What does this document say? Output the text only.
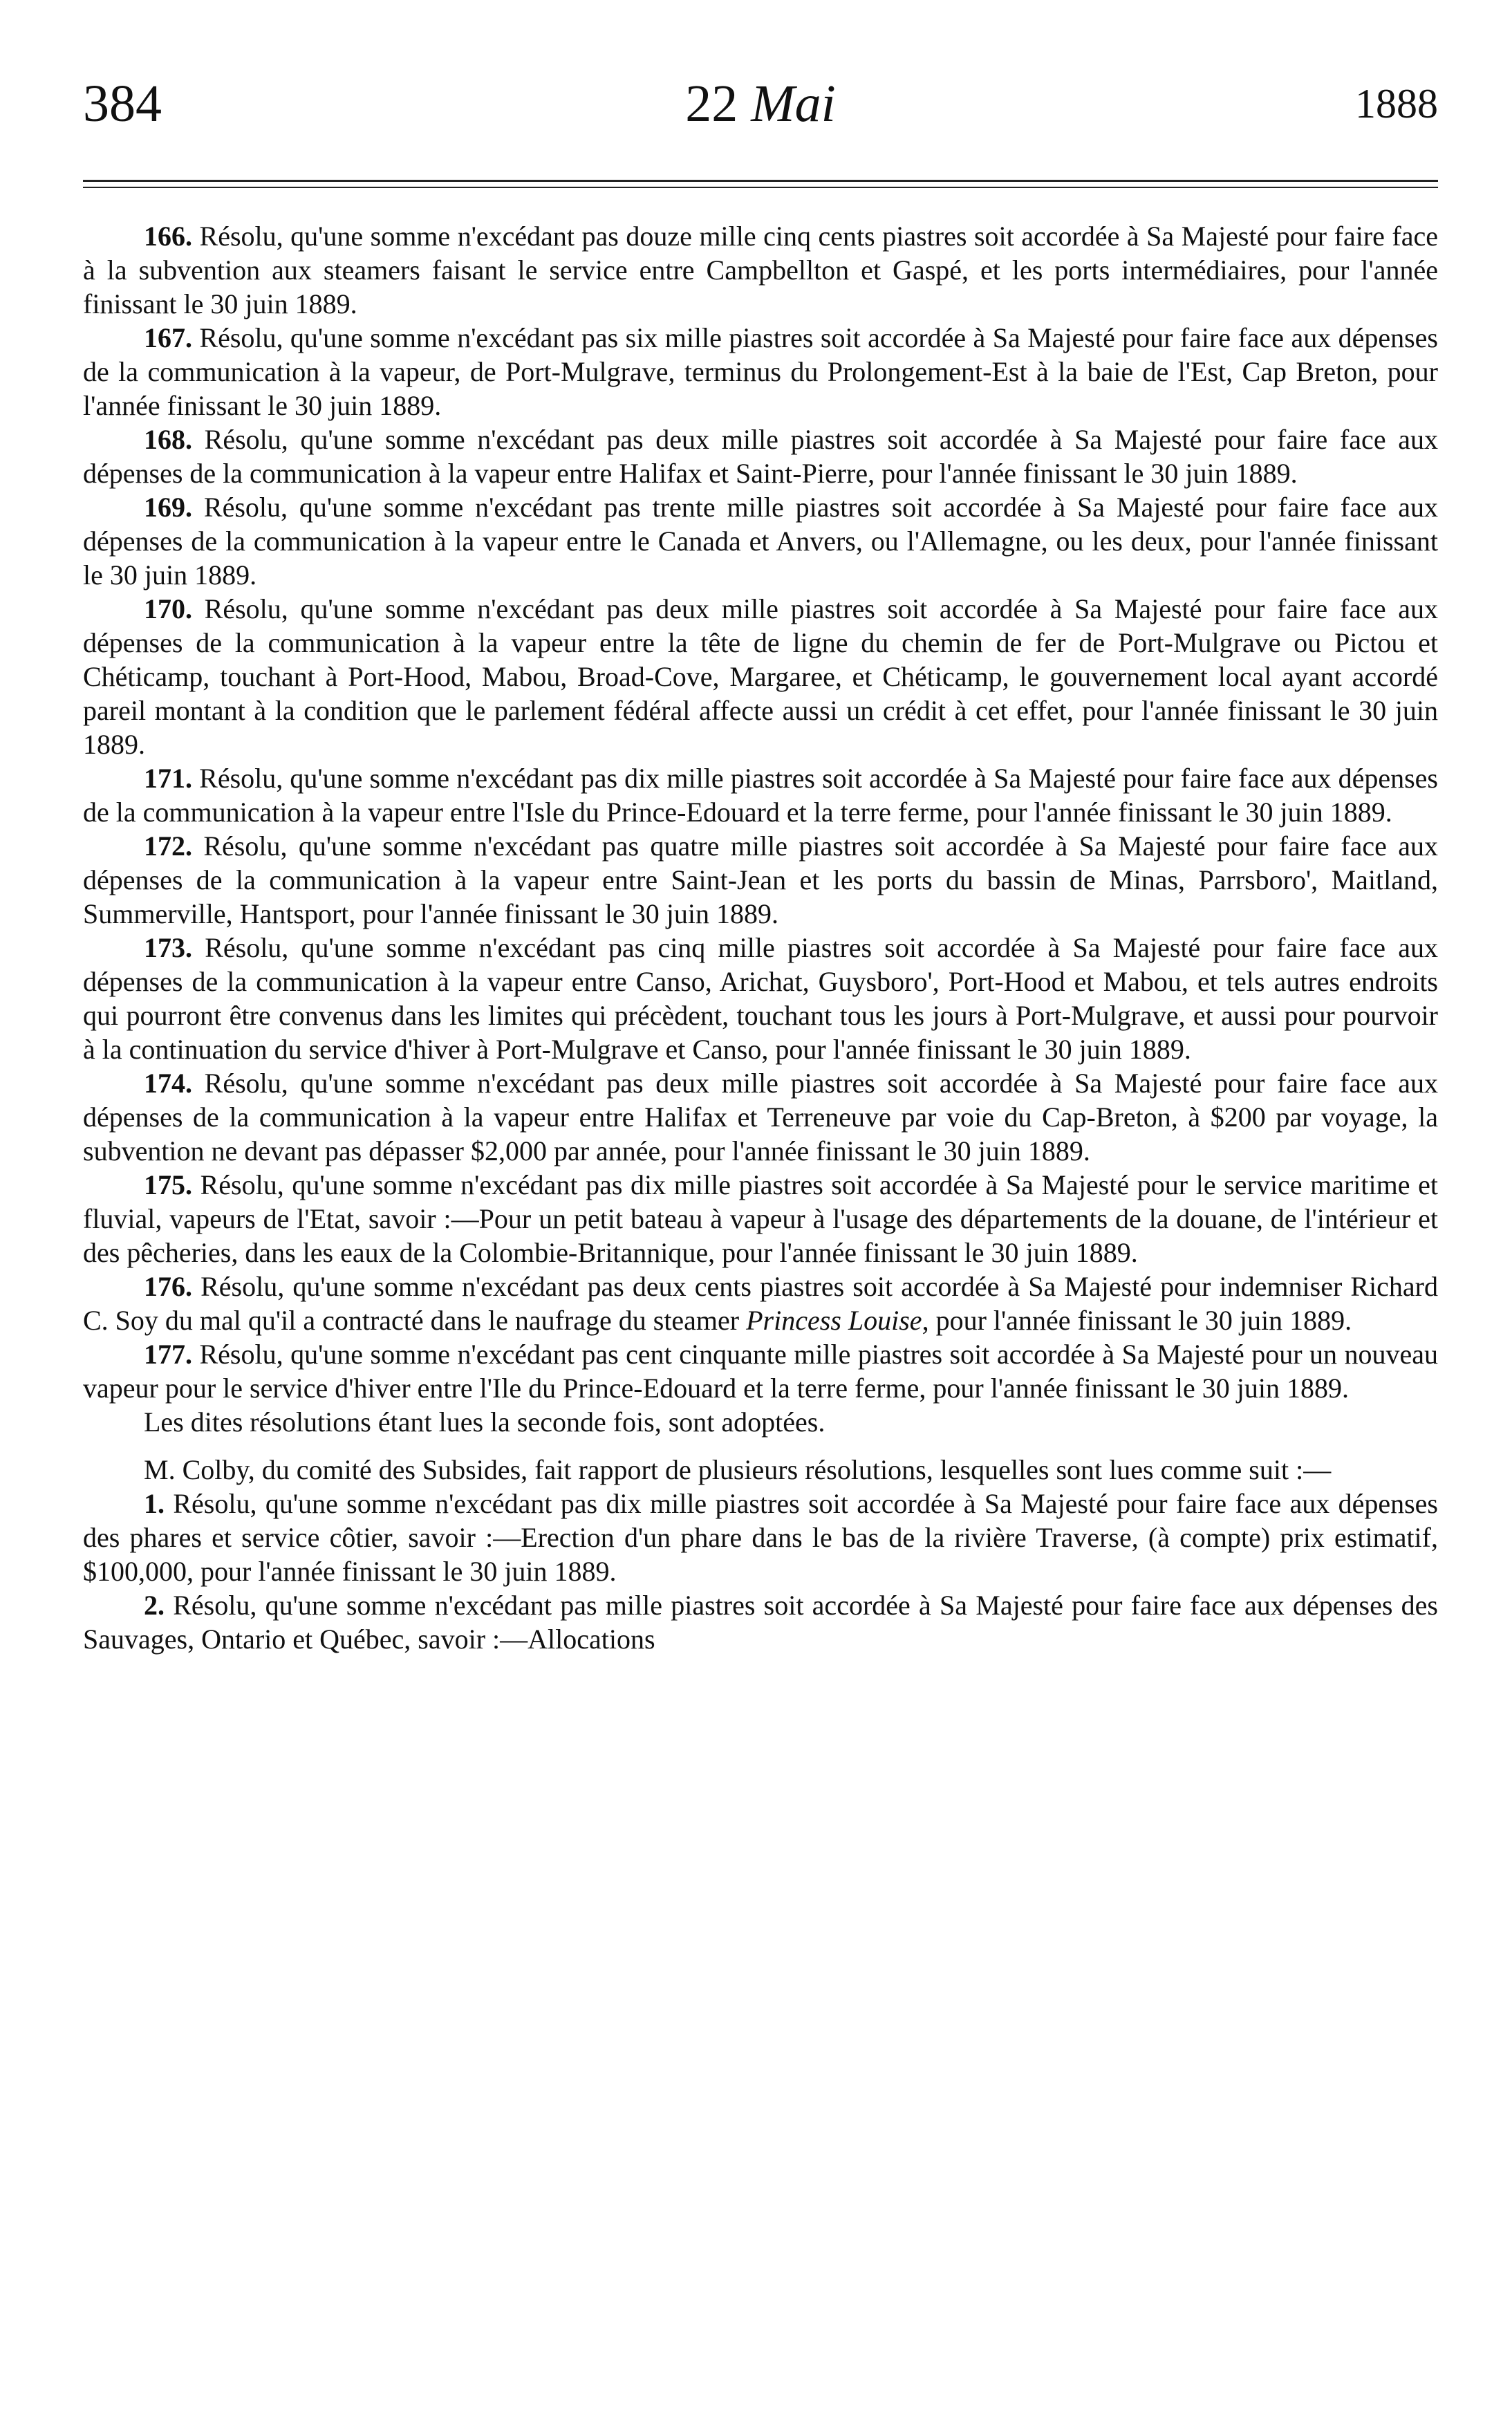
384	22 Mai	1888

166. Résolu, qu'une somme n'excédant pas douze mille cinq cents piastres soit accordée à Sa Majesté pour faire face à la subvention aux steamers faisant le service entre Campbellton et Gaspé, et les ports intermédiaires, pour l'année finissant le 30 juin 1889.

167. Résolu, qu'une somme n'excédant pas six mille piastres soit accordée à Sa Majesté pour faire face aux dépenses de la communication à la vapeur, de Port-Mulgrave, terminus du Prolongement-Est à la baie de l'Est, Cap Breton, pour l'année finissant le 30 juin 1889.

168. Résolu, qu'une somme n'excédant pas deux mille piastres soit accordée à Sa Majesté pour faire face aux dépenses de la communication à la vapeur entre Halifax et Saint-Pierre, pour l'année finissant le 30 juin 1889.

169. Résolu, qu'une somme n'excédant pas trente mille piastres soit accordée à Sa Majesté pour faire face aux dépenses de la communication à la vapeur entre le Canada et Anvers, ou l'Allemagne, ou les deux, pour l'année finissant le 30 juin 1889.

170. Résolu, qu'une somme n'excédant pas deux mille piastres soit accordée à Sa Majesté pour faire face aux dépenses de la communication à la vapeur entre la tête de ligne du chemin de fer de Port-Mulgrave ou Pictou et Chéticamp, touchant à Port-Hood, Mabou, Broad-Cove, Margaree, et Chéticamp, le gouvernement local ayant accordé pareil montant à la condition que le parlement fédéral affecte aussi un crédit à cet effet, pour l'année finissant le 30 juin 1889.

171. Résolu, qu'une somme n'excédant pas dix mille piastres soit accordée à Sa Majesté pour faire face aux dépenses de la communication à la vapeur entre l'Isle du Prince-Edouard et la terre ferme, pour l'année finissant le 30 juin 1889.

172. Résolu, qu'une somme n'excédant pas quatre mille piastres soit accordée à Sa Majesté pour faire face aux dépenses de la communication à la vapeur entre Saint-Jean et les ports du bassin de Minas, Parrsboro', Maitland, Summerville, Hantsport, pour l'année finissant le 30 juin 1889.

173. Résolu, qu'une somme n'excédant pas cinq mille piastres soit accordée à Sa Majesté pour faire face aux dépenses de la communication à la vapeur entre Canso, Arichat, Guysboro', Port-Hood et Mabou, et tels autres endroits qui pourront être convenus dans les limites qui précèdent, touchant tous les jours à Port-Mulgrave, et aussi pour pourvoir à la continuation du service d'hiver à Port-Mulgrave et Canso, pour l'année finissant le 30 juin 1889.

174. Résolu, qu'une somme n'excédant pas deux mille piastres soit accordée à Sa Majesté pour faire face aux dépenses de la communication à la vapeur entre Halifax et Terreneuve par voie du Cap-Breton, à $200 par voyage, la subvention ne devant pas dépasser $2,000 par année, pour l'année finissant le 30 juin 1889.

175. Résolu, qu'une somme n'excédant pas dix mille piastres soit accordée à Sa Majesté pour le service maritime et fluvial, vapeurs de l'Etat, savoir :—Pour un petit bateau à vapeur à l'usage des départements de la douane, de l'intérieur et des pêcheries, dans les eaux de la Colombie-Britannique, pour l'année finissant le 30 juin 1889.

176. Résolu, qu'une somme n'excédant pas deux cents piastres soit accordée à Sa Majesté pour indemniser Richard C. Soy du mal qu'il a contracté dans le naufrage du steamer Princess Louise, pour l'année finissant le 30 juin 1889.

177. Résolu, qu'une somme n'excédant pas cent cinquante mille piastres soit accordée à Sa Majesté pour un nouveau vapeur pour le service d'hiver entre l'Ile du Prince-Edouard et la terre ferme, pour l'année finissant le 30 juin 1889.

Les dites résolutions étant lues la seconde fois, sont adoptées.

M. Colby, du comité des Subsides, fait rapport de plusieurs résolutions, lesquelles sont lues comme suit :—

1. Résolu, qu'une somme n'excédant pas dix mille piastres soit accordée à Sa Majesté pour faire face aux dépenses des phares et service côtier, savoir :—Erection d'un phare dans le bas de la rivière Traverse, (à compte) prix estimatif, $100,000, pour l'année finissant le 30 juin 1889.

2. Résolu, qu'une somme n'excédant pas mille piastres soit accordée à Sa Majesté pour faire face aux dépenses des Sauvages, Ontario et Québec, savoir :—Allocations
